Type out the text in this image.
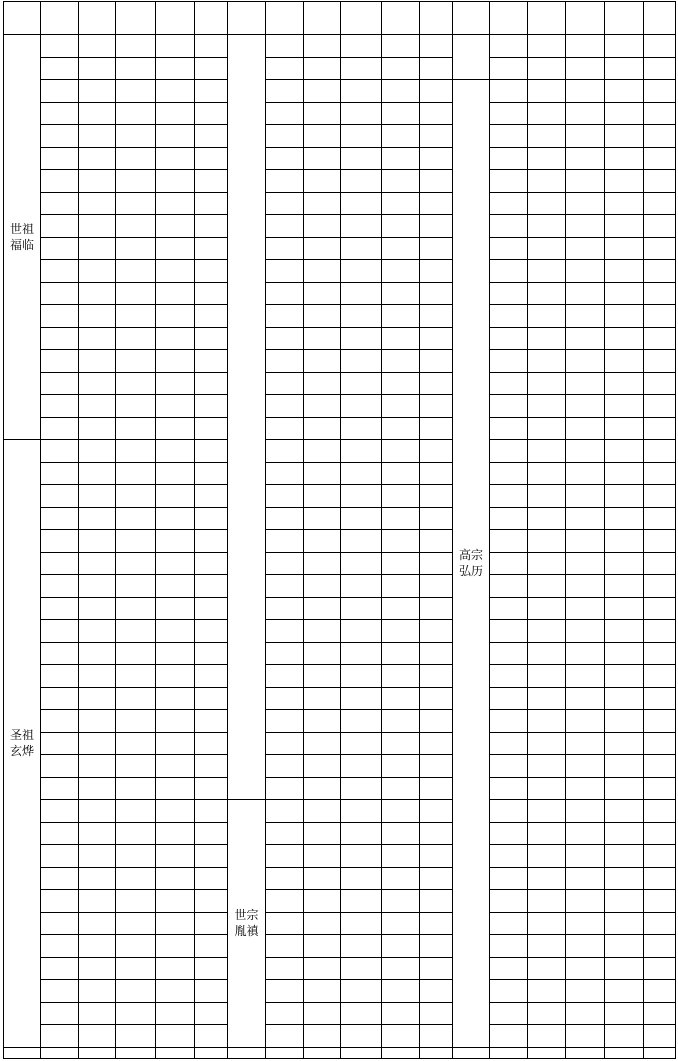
世祖
福临
圣祖
玄烨
世宗
胤禛
高宗
弘历
